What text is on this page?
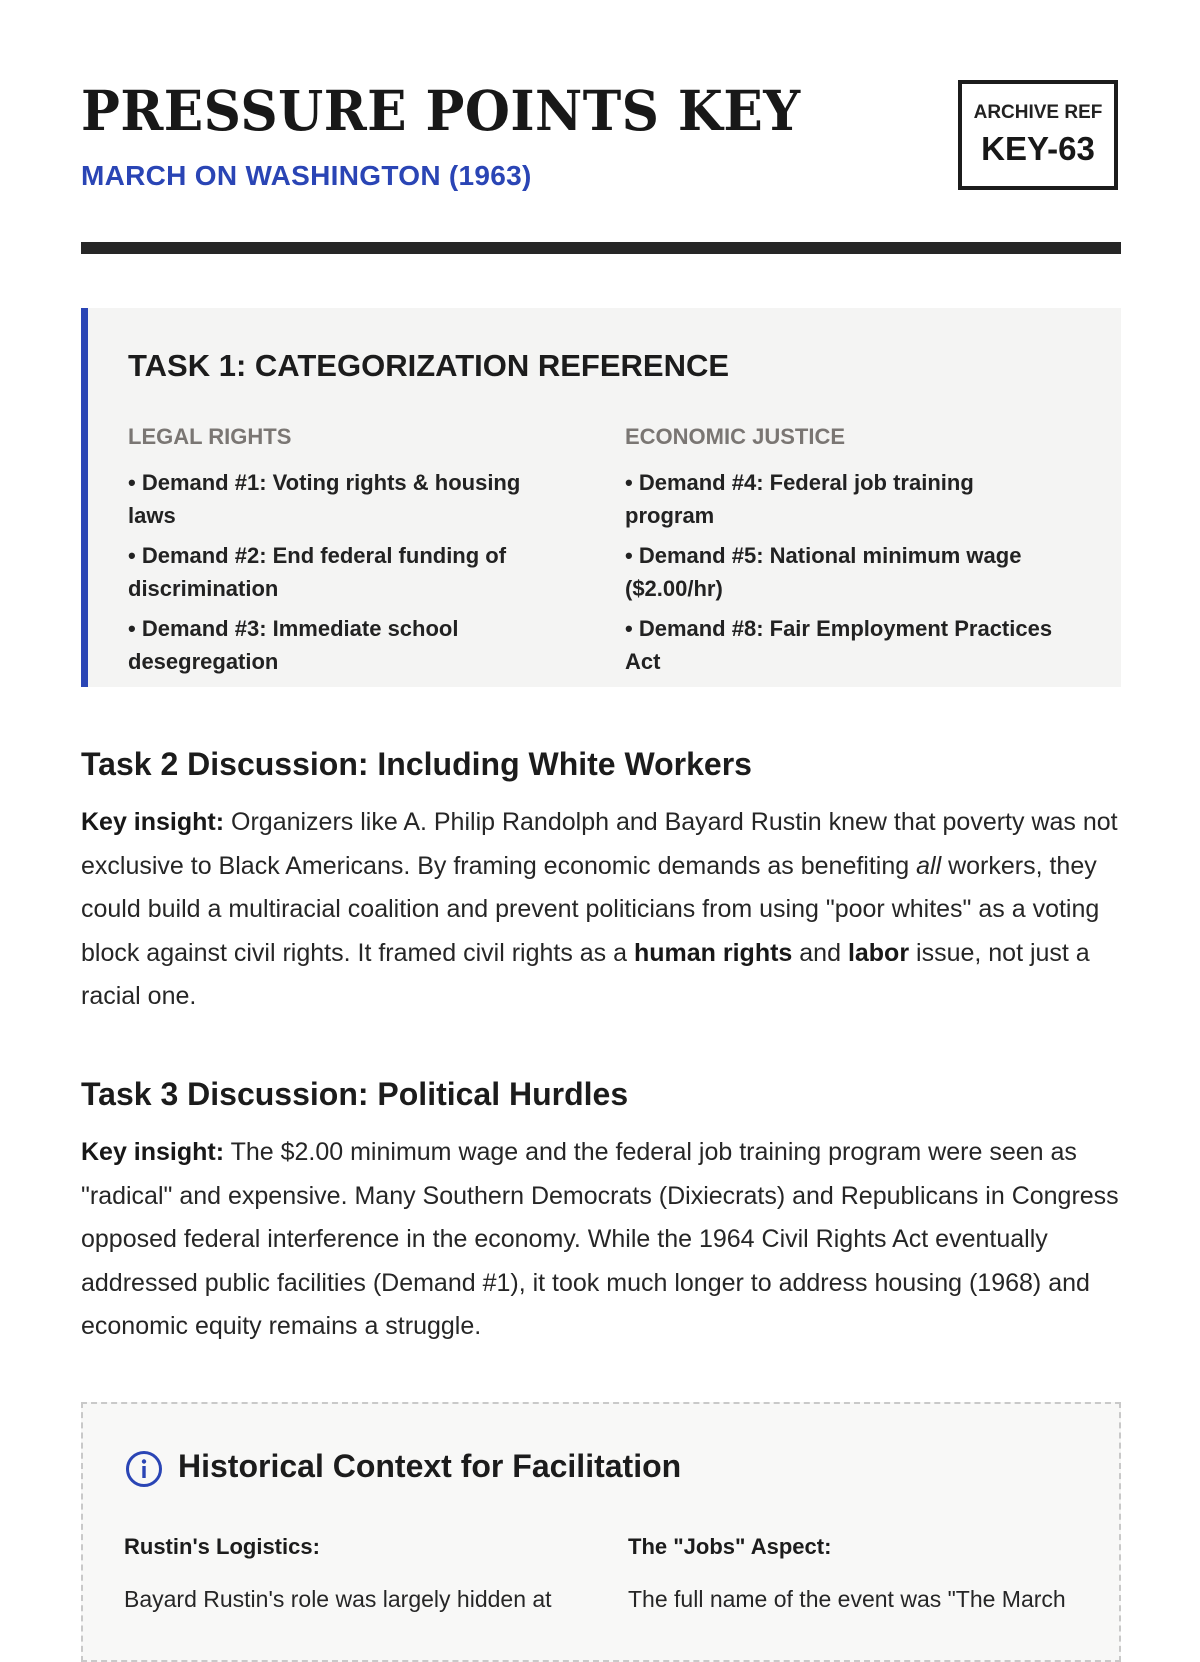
PRESSURE POINTS KEY
MARCH ON WASHINGTON (1963)
ARCHIVE REF
KEY-63
TASK 1: CATEGORIZATION REFERENCE
LEGAL RIGHTS
• Demand #1: Voting rights & housing laws
• Demand #2: End federal funding of discrimination
• Demand #3: Immediate school desegregation
ECONOMIC JUSTICE
• Demand #4: Federal job training program
• Demand #5: National minimum wage ($2.00/hr)
• Demand #8: Fair Employment Practices Act
Task 2 Discussion: Including White Workers

Key insight: Organizers like A. Philip Randolph and Bayard Rustin knew that poverty was not exclusive to Black Americans. By framing economic demands as benefiting all workers, they could build a multiracial coalition and prevent politicians from using "poor whites" as a voting block against civil rights. It framed civil rights as a human rights and labor issue, not just a racial one.

Task 3 Discussion: Political Hurdles

Key insight: The $2.00 minimum wage and the federal job training program were seen as "radical" and expensive. Many Southern Democrats (Dixiecrats) and Republicans in Congress opposed federal interference in the economy. While the 1964 Civil Rights Act eventually addressed public facilities (Demand #1), it took much longer to address housing (1968) and economic equity remains a struggle.

Historical Context for Facilitation
Rustin's Logistics:
Bayard Rustin's role was largely hidden at
The "Jobs" Aspect:
The full name of the event was "The March
